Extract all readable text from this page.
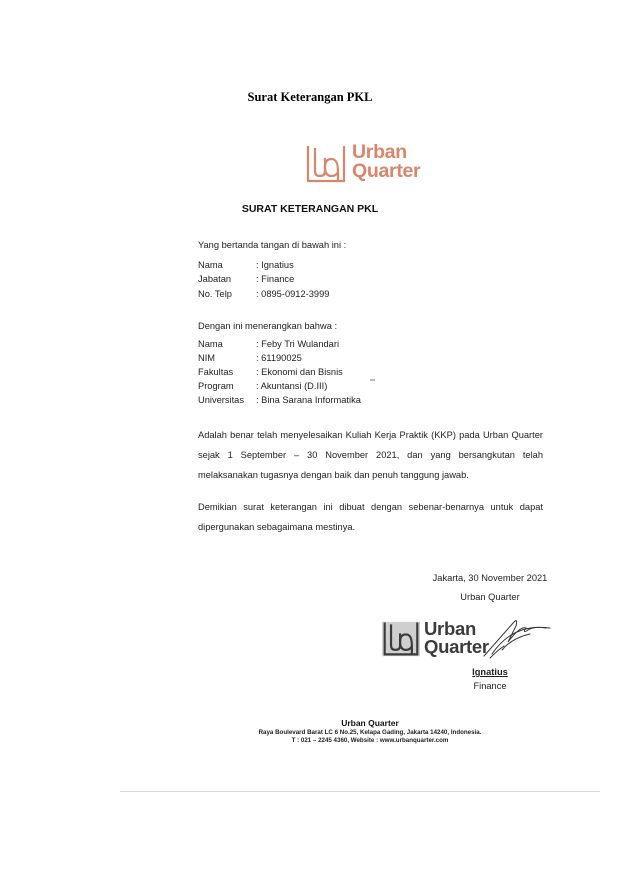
Surat Keterangan PKL
Urban
Quarter
SURAT KETERANGAN PKL
Yang bertanda tangan di bawah ini :
Nama	: Ignatius
Jabatan	: Finance
No. Telp	: 0895-0912-3999
Dengan ini menerangkan bahwa :
Nama	: Feby Tri Wulandari
NIM	: 61190025
Fakultas : Ekonomi dan Bisnis
Program : Akuntansi (D.III)
Universitas : Bina Sarana Informatika
Adalah benar telah menyelesaikan Kuliah Kerja Praktik (KKP) pada Urban Quarter sejak 1 September – 30 November 2021, dan yang bersangkutan telah melaksanakan tugasnya dengan baik dan penuh tanggung jawab.
Demikian surat keterangan ini dibuat dengan sebenar-benarnya untuk dapat dipergunakan sebagaimana mestinya.
Jakarta, 30 November 2021
Urban Quarter
Urban
Quarter
Ignatius
Finance
Urban Quarter
Raya Boulevard Barat LC 6 No.25, Kelapa Gading, Jakarta 14240, Indonesia.
T : 021 – 2245 4360, Website : www.urbanquarter.com
